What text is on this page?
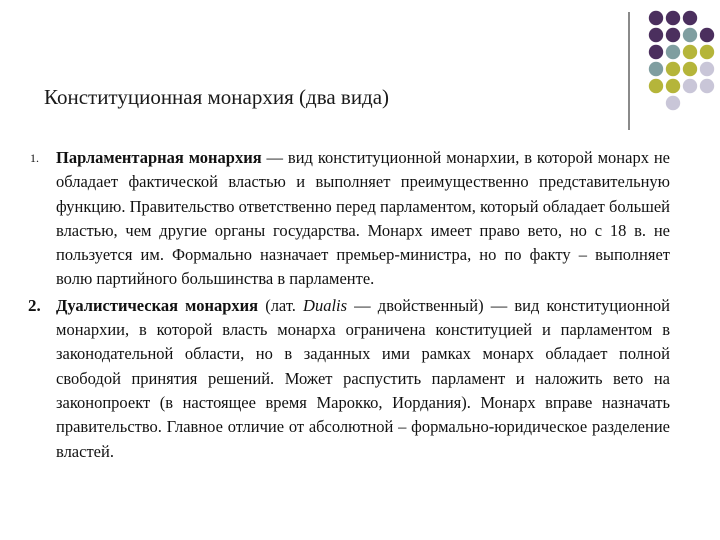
Конституционная монархия (два вида)
1. Парламентарная монархия — вид конституционной монархии, в которой монарх не обладает фактической властью и выполняет преимущественно представительную функцию. Правительство ответственно перед парламентом, который обладает большей властью, чем другие органы государства. Монарх имеет право вето, но с 18 в. не пользуется им. Формально назначает премьер-министра, но по факту – выполняет волю партийного большинства в парламенте.
2. Дуалистическая монархия (лат. Dualis — двойственный) — вид конституционной монархии, в которой власть монарха ограничена конституцией и парламентом в законодательной области, но в заданных ими рамках монарх обладает полной свободой принятия решений. Может распустить парламент и наложить вето на законопроект (в настоящее время Марокко, Иордания). Монарх вправе назначать правительство. Главное отличие от абсолютной – формально-юридическое разделение властей.
